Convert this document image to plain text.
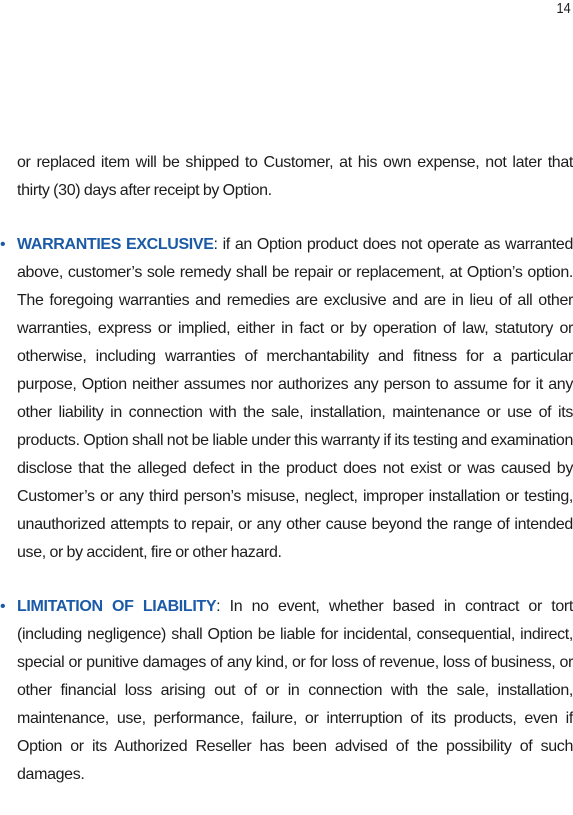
14

or replaced item will be shipped to Customer, at his own expense, not later that thirty (30) days after receipt by Option.

• WARRANTIES EXCLUSIVE: if an Option product does not operate as warranted above, customer’s sole remedy shall be repair or replacement, at Option’s option. The foregoing warranties and remedies are exclusive and are in lieu of all other warranties, express or implied, either in fact or by operation of law, statutory or otherwise, including warranties of merchantability and fitness for a particular purpose, Option neither assumes nor authorizes any person to assume for it any other liability in connection with the sale, installation, maintenance or use of its products. Option shall not be liable under this warranty if its testing and examination disclose that the alleged defect in the product does not exist or was caused by Customer’s or any third person’s misuse, neglect, improper installation or testing, unauthorized attempts to repair, or any other cause beyond the range of intended use, or by accident, fire or other hazard.

• LIMITATION OF LIABILITY: In no event, whether based in contract or tort (including negligence) shall Option be liable for incidental, consequential, indirect, special or punitive damages of any kind, or for loss of revenue, loss of business, or other financial loss arising out of or in connection with the sale, installation, maintenance, use, performance, failure, or interruption of its products, even if Option or its Authorized Reseller has been advised of the possibility of such damages.
